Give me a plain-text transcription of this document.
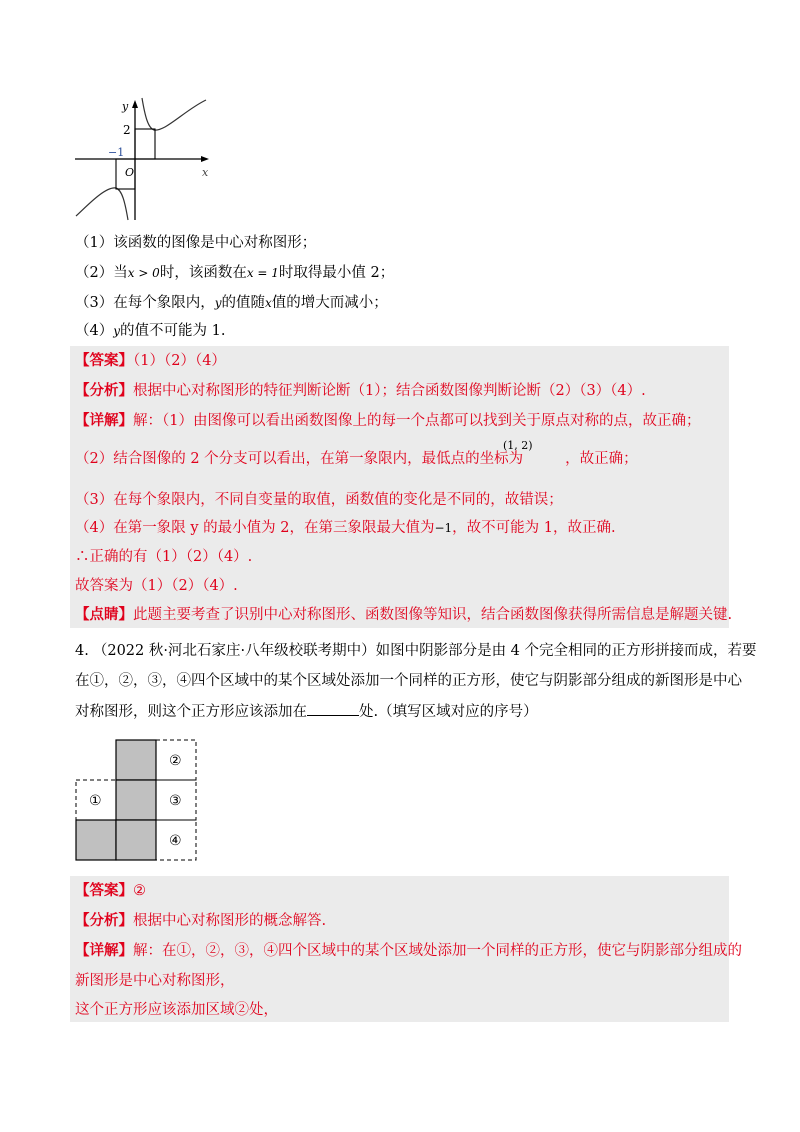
y
x
O
2
−1
（1）该函数的图像是中心对称图形；
（2）当x > 0时，该函数在x = 1时取得最小值 2；
（3）在每个象限内，y的值随x值的增大而减小；
（4）y的值不可能为 1.
【答案】（1）（2）（4）
【分析】根据中心对称图形的特征判断论断（1）；结合函数图像判断论断（2）（3）（4）.
【详解】解：（1）由图像可以看出函数图像上的每一个点都可以找到关于原点对称的点，故正确；
（2）结合图像的 2 个分支可以看出，在第一象限内，最低点的坐标为
(1, 2)
，故正确；
（3）在每个象限内，不同自变量的取值，函数值的变化是不同的，故错误；
（4）在第一象限 y 的最小值为 2，在第三象限最大值为−1，故不可能为 1，故正确.
∴正确的有（1）（2）（4）.
故答案为（1）（2）（4）.
【点睛】此题主要考查了识别中心对称图形、函数图像等知识，结合函数图像获得所需信息是解题关键.
4. （2022 秋·河北石家庄·八年级校联考期中）如图中阴影部分是由 4 个完全相同的正方形拼接而成，若要
在①，②，③，④四个区域中的某个区域处添加一个同样的正方形，使它与阴影部分组成的新图形是中心
对称图形，则这个正方形应该添加在	处.（填写区域对应的序号）
①
②
③
④
【答案】②
【分析】根据中心对称图形的概念解答.
【详解】解：在①，②，③，④四个区域中的某个区域处添加一个同样的正方形，使它与阴影部分组成的
新图形是中心对称图形，
这个正方形应该添加区域②处，
